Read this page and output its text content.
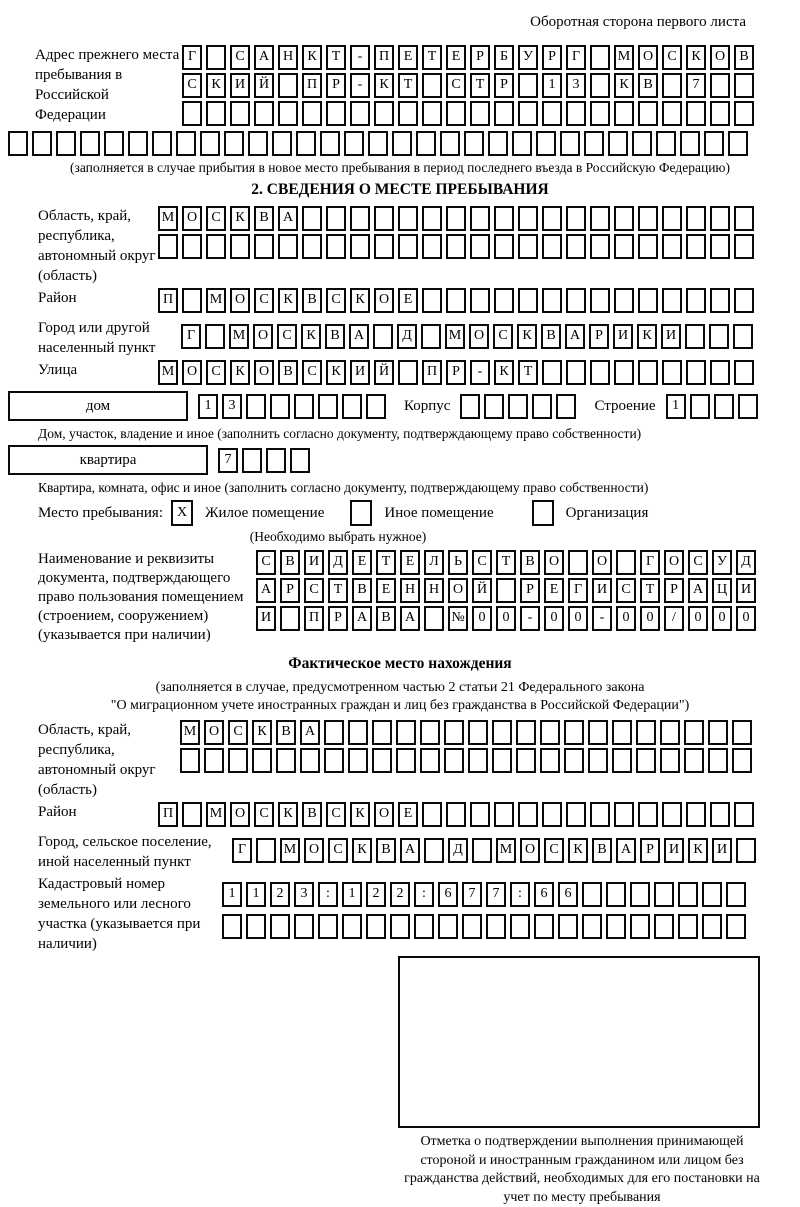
Оборотная сторона первого листа
Адрес прежнего места пребывания в Российской Федерации
Г	С	А Н	К	Т	-	П	Е	Т	Е	Р	Б	У	Р	Г	М О	С	К	О	В
С	К	И Й	П	Р	-	К	Т	С	Т	Р	1	3	К	В	7
(заполняется в случае прибытия в новое место пребывания в период последнего въезда в Российскую Федерацию)
2. СВЕДЕНИЯ О МЕСТЕ ПРЕБЫВАНИЯ
Область, край, республика, автономный округ (область)
М О	С	К	В	А
Район	П	М О	С	К	В	С	К	О	Е
Город или другой населенный пункт
Г	М О	С	К	В	А	Д	М О	С	К	В	А	Р	И	К	И
Улица	М О	С	К	О	В	С	К	И Й	П	Р	-	К	Т
дом	1	3	Корпус	Строение	1
Дом, участок, владение и иное (заполнить согласно документу, подтверждающему право собственности)
квартира	7
Квартира, комната, офис и иное (заполнить согласно документу, подтверждающему право собственности)
Место пребывания: X	Жилое помещение	Иное помещение	Организация
(Необходимо выбрать нужное)
Наименование и реквизиты документа, подтверждающего право пользования помещением (строением, сооружением) (указывается при наличии)
С	В	И	Д	Е	Т	Е	Л	Ь	С	Т	В	О	О	Г	О	С	У	Д
А	Р	С	Т	В	Е	Н Н О Й	Р	Е	Г	И	С	Т	Р	А Ц И
И	П	Р	А	В	А	№ 0	0	-	0	0	-	0	0	/	0	0	0
Фактическое место нахождения
(заполняется в случае, предусмотренном частью 2 статьи 21 Федерального закона
"О миграционном учете иностранных граждан и лиц без гражданства в Российской Федерации")
Область, край, республика, автономный округ (область)
М О	С	К	В	А
Район	П	М О	С	К	В	С	К	О	Е
Город, сельское поселение, иной населенный пункт
Г	М О	С	К	В	А	Д	М О	С	К	В	А	Р	И	К	И
Кадастровый номер земельного или лесного участка (указывается при наличии)
1	1	2	3	:	1	2	2	:	6	7	7	:	6	6
Отметка о подтверждении выполнения принимающей стороной и иностранным гражданином или лицом без гражданства действий, необходимых для его постановки на учет по месту пребывания
